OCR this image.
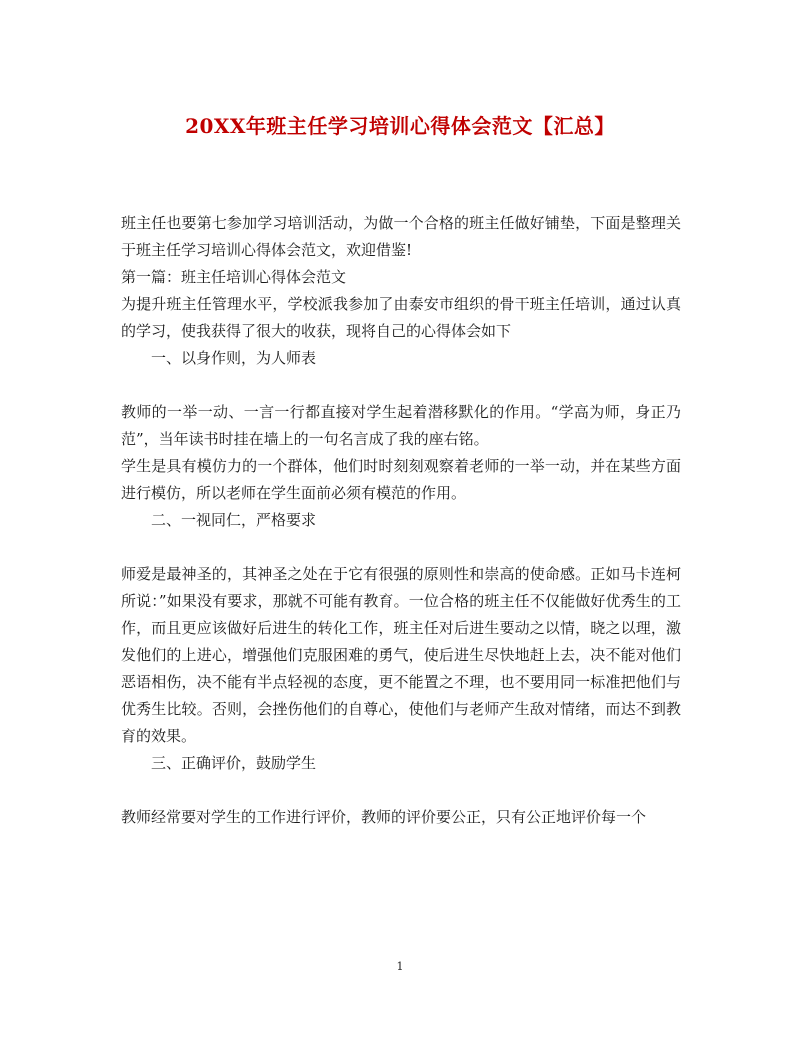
20XX年班主任学习培训心得体会范文【汇总】

班主任也要第七参加学习培训活动，为做一个合格的班主任做好铺垫，下面是整理关于班主任学习培训心得体会范文，欢迎借鉴!

第一篇：班主任培训心得体会范文

为提升班主任管理水平，学校派我参加了由泰安市组织的骨干班主任培训，通过认真的学习，使我获得了很大的收获，现将自己的心得体会如下

一、以身作则，为人师表

教师的一举一动、一言一行都直接对学生起着潜移默化的作用。“学高为师，身正乃范”，当年读书时挂在墙上的一句名言成了我的座右铭。

学生是具有模仿力的一个群体，他们时时刻刻观察着老师的一举一动，并在某些方面进行模仿，所以老师在学生面前必须有模范的作用。

二、一视同仁，严格要求

师爱是最神圣的，其神圣之处在于它有很强的原则性和崇高的使命感。正如马卡连柯所说：”如果没有要求，那就不可能有教育。一位合格的班主任不仅能做好优秀生的工作，而且更应该做好后进生的转化工作，班主任对后进生要动之以情，晓之以理，激发他们的上进心，增强他们克服困难的勇气，使后进生尽快地赶上去，决不能对他们恶语相伤，决不能有半点轻视的态度，更不能置之不理，也不要用同一标准把他们与优秀生比较。否则，会挫伤他们的自尊心，使他们与老师产生敌对情绪，而达不到教育的效果。

三、正确评价，鼓励学生

教师经常要对学生的工作进行评价，教师的评价要公正，只有公正地评价每一个

1
